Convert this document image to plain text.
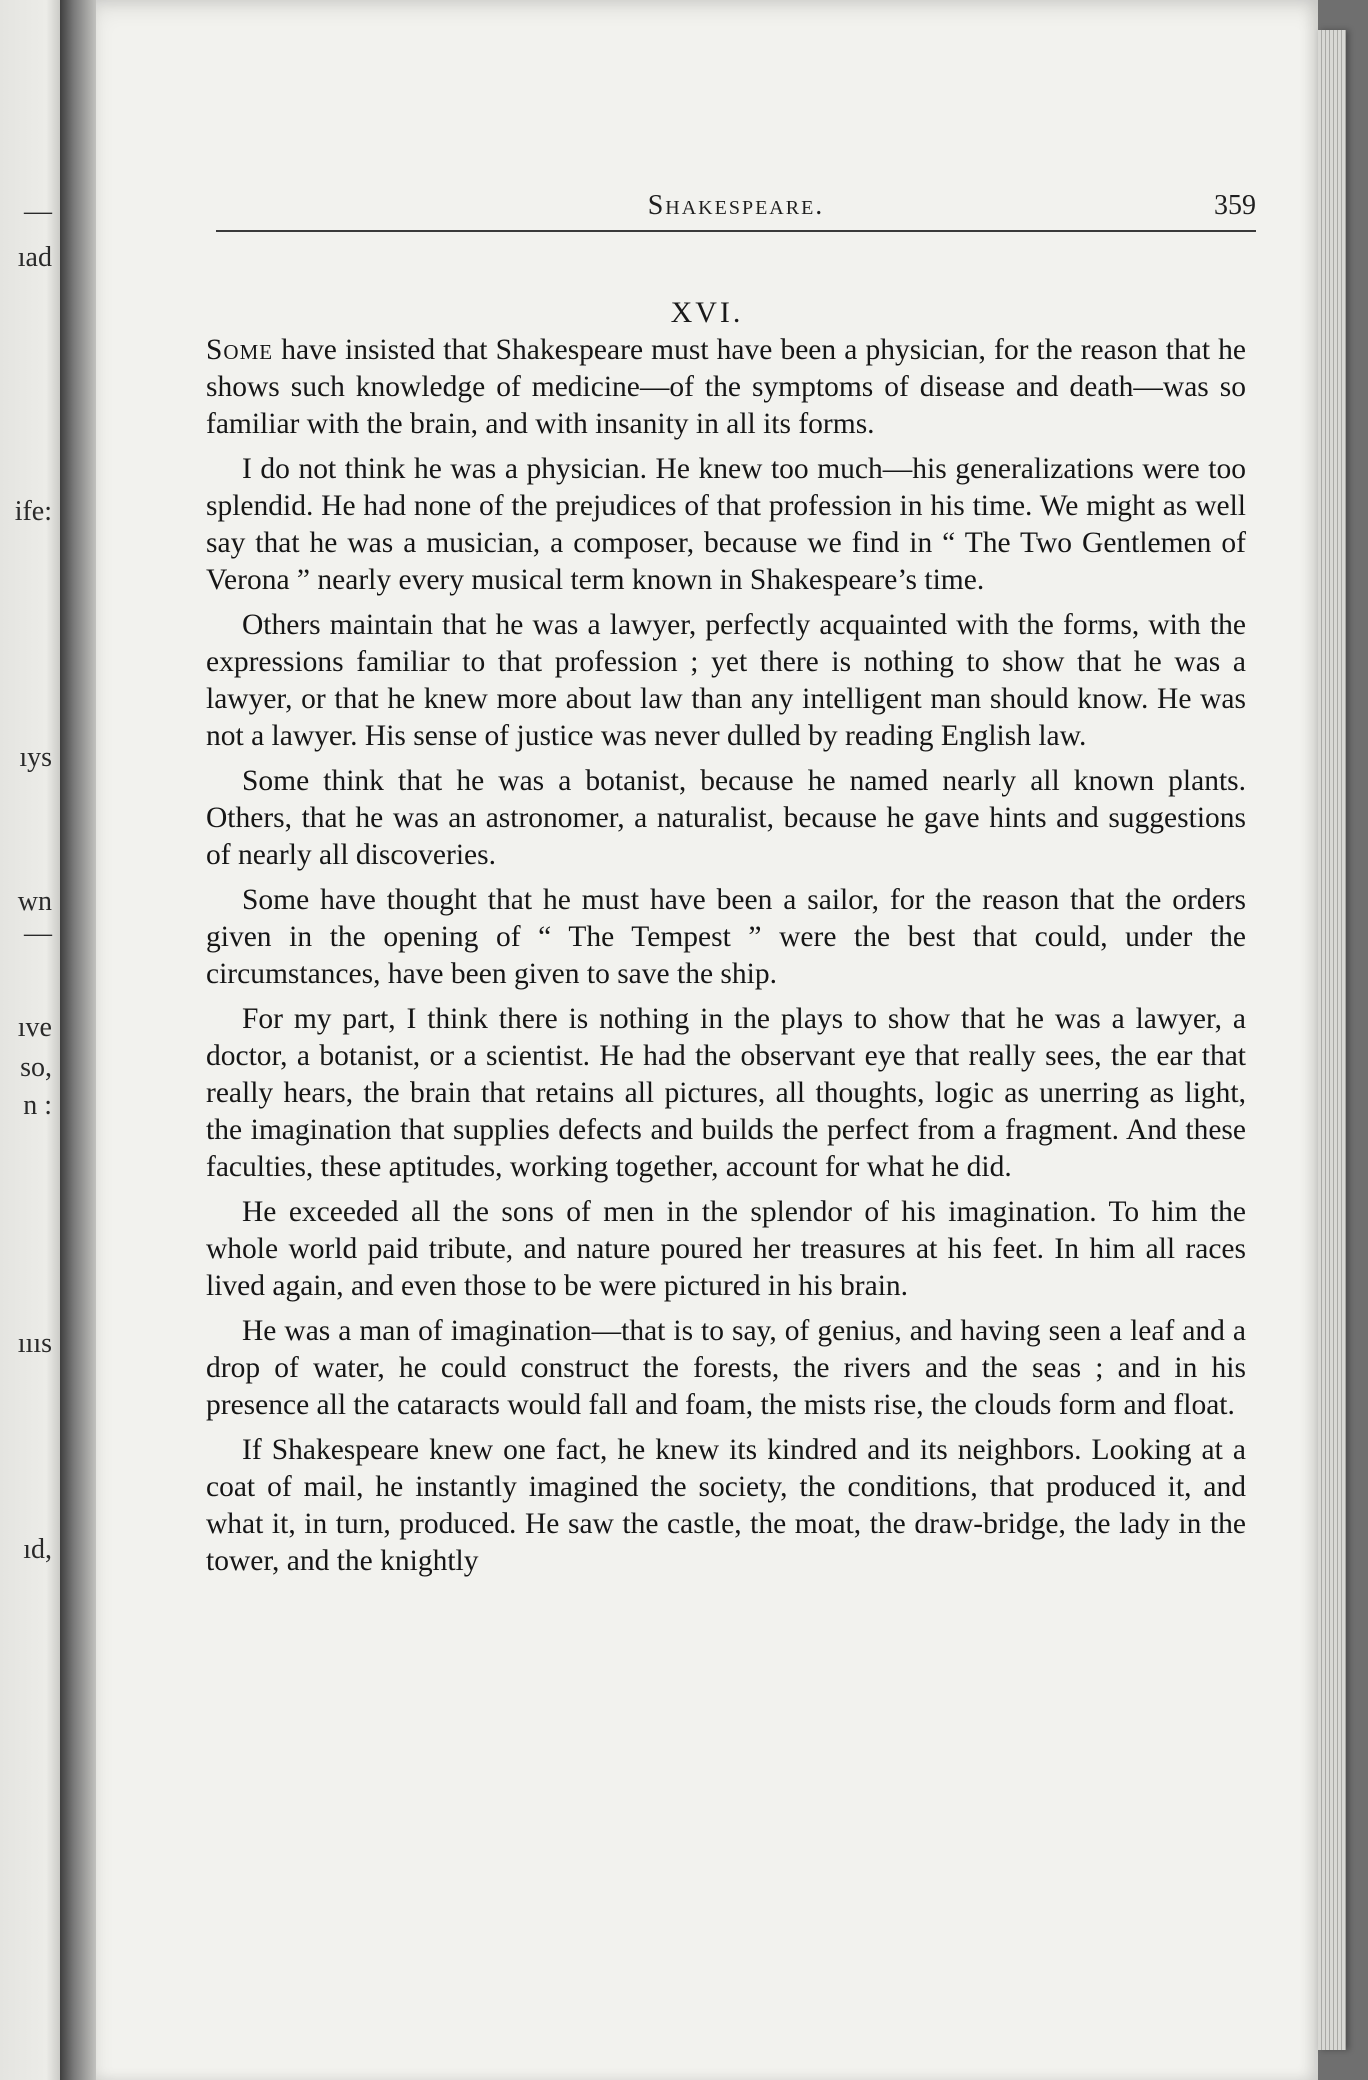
—
ıad
ife:
ıys
wn
—
ıve
so,
n :
ıııs
ıd,
Shakespeare.	359
XVI.

Some have insisted that Shakespeare must have been a physician, for the reason that he shows such knowledge of medicine—of the symptoms of disease and death—was so familiar with the brain, and with insanity in all its forms.

I do not think he was a physician. He knew too much—his generalizations were too splendid. He had none of the prejudices of that profession in his time. We might as well say that he was a musician, a composer, because we find in “ The Two Gentlemen of Verona ” nearly every musical term known in Shakespeare’s time.

Others maintain that he was a lawyer, perfectly acquainted with the forms, with the expressions familiar to that profession ; yet there is nothing to show that he was a lawyer, or that he knew more about law than any intelligent man should know. He was not a lawyer. His sense of justice was never dulled by reading English law.

Some think that he was a botanist, because he named nearly all known plants. Others, that he was an astronomer, a naturalist, because he gave hints and suggestions of nearly all discoveries.

Some have thought that he must have been a sailor, for the reason that the orders given in the opening of “ The Tempest ” were the best that could, under the circumstances, have been given to save the ship.

For my part, I think there is nothing in the plays to show that he was a lawyer, a doctor, a botanist, or a scientist. He had the observant eye that really sees, the ear that really hears, the brain that retains all pictures, all thoughts, logic as unerring as light, the imagination that supplies defects and builds the perfect from a fragment. And these faculties, these aptitudes, working together, account for what he did.

He exceeded all the sons of men in the splendor of his imagination. To him the whole world paid tribute, and nature poured her treasures at his feet. In him all races lived again, and even those to be were pictured in his brain.

He was a man of imagination—that is to say, of genius, and having seen a leaf and a drop of water, he could construct the forests, the rivers and the seas ; and in his presence all the cataracts would fall and foam, the mists rise, the clouds form and float.

If Shakespeare knew one fact, he knew its kindred and its neighbors. Looking at a coat of mail, he instantly imagined the society, the conditions, that produced it, and what it, in turn, produced. He saw the castle, the moat, the draw-bridge, the lady in the tower, and the knightly
